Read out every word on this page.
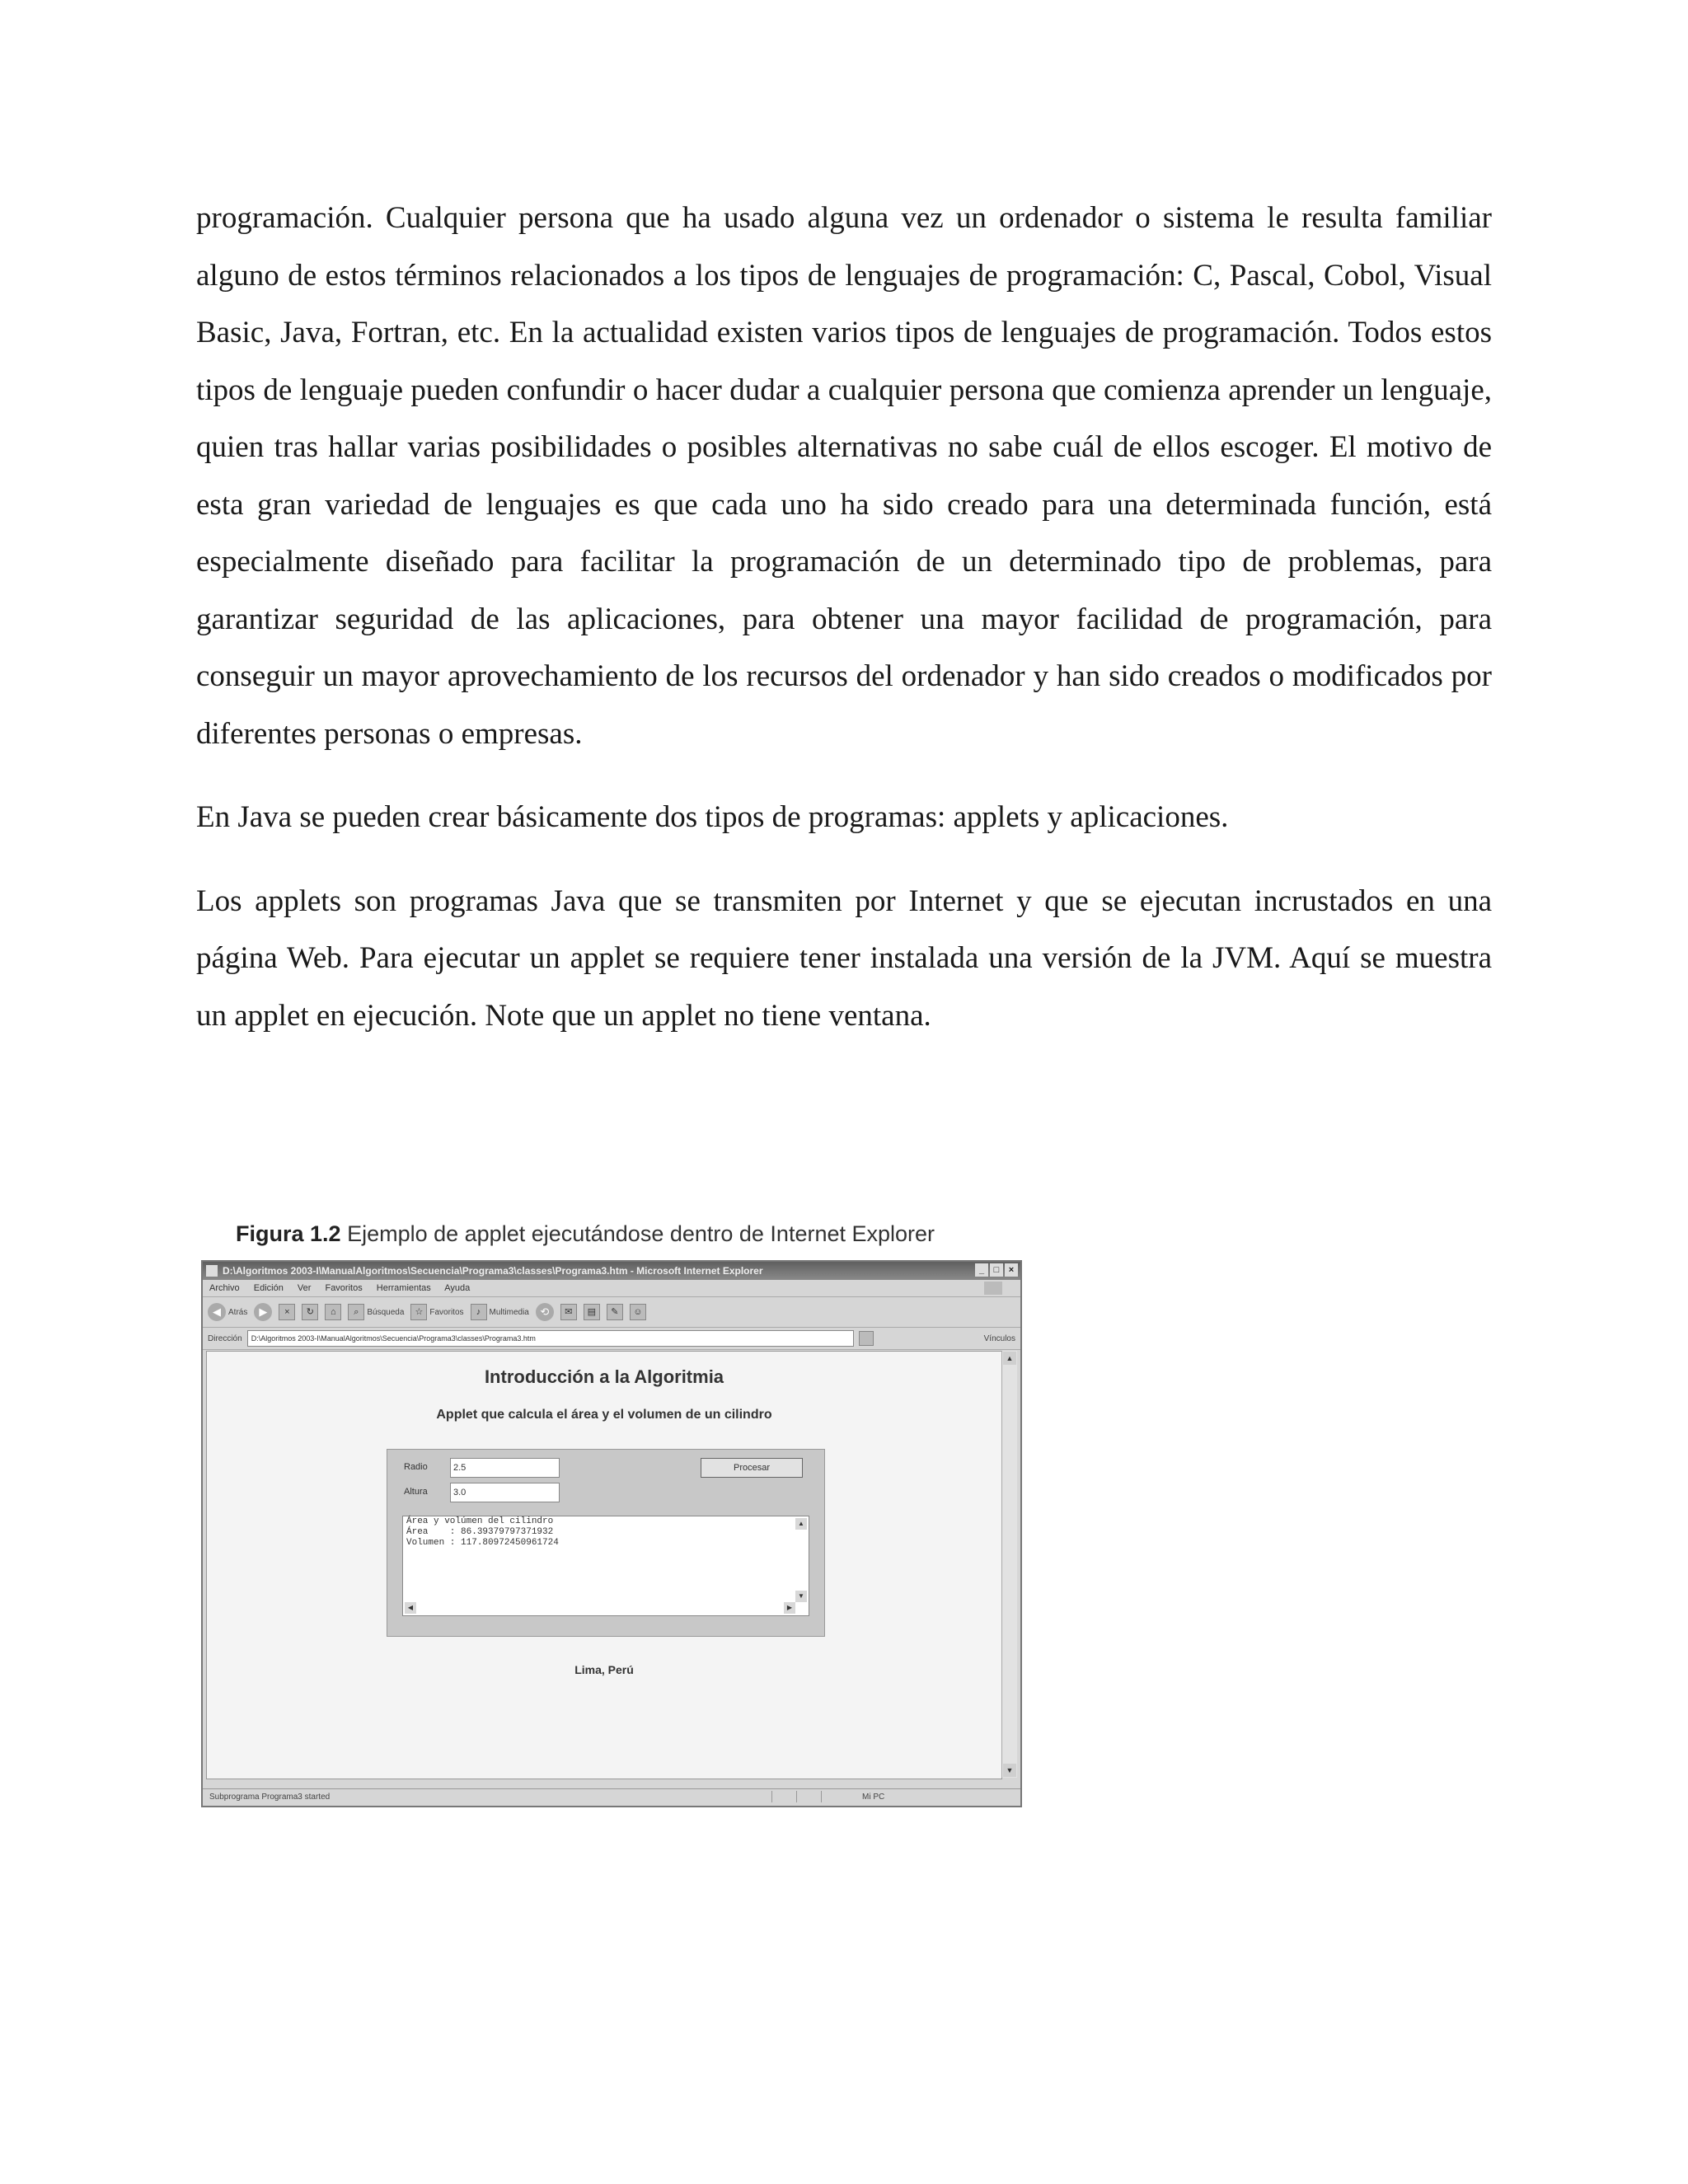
programación. Cualquier persona que ha usado alguna vez un ordenador o sistema le resulta familiar alguno de estos términos relacionados a los tipos de lenguajes de programación: C, Pascal, Cobol, Visual Basic, Java, Fortran, etc. En la actualidad existen varios tipos de lenguajes de programación. Todos estos tipos de lenguaje pueden confundir o hacer dudar a cualquier persona que comienza aprender un lenguaje, quien tras hallar varias posibilidades o posibles alternativas no sabe cuál de ellos escoger. El motivo de esta gran variedad de lenguajes es que cada uno ha sido creado para una determinada función, está especialmente diseñado para facilitar la programación de un determinado tipo de problemas, para garantizar seguridad de las aplicaciones, para obtener una mayor facilidad de programación, para conseguir un mayor aprovechamiento de los recursos del ordenador y han sido creados o modificados por diferentes personas o empresas.

En Java se pueden crear básicamente dos tipos de programas: applets y aplicaciones.

Los applets son programas Java que se transmiten por Internet y que se ejecutan incrustados en una página Web. Para ejecutar un applet se requiere tener instalada una versión de la JVM. Aquí se muestra un applet en ejecución. Note que un applet no tiene ventana.

Figura 1.2 Ejemplo de applet ejecutándose dentro de Internet Explorer
D:\Algoritmos 2003-I\ManualAlgoritmos\Secuencia\Programa3\classes\Programa3.htm - Microsoft Internet Explorer	_	□	×
Archivo Edición Ver Favoritos Herramientas Ayuda
◀ Atrás	▶	×	↻	⌂	⌕ Búsqueda	☆ Favoritos	♪	Multimedia	⟲	✉	▤	✎	☺
Dirección	D:\Algoritmos 2003-I\ManualAlgoritmos\Secuencia\Programa3\classes\Programa3.htm	Vínculos
Introducción a la Algoritmia
Applet que calcula el área y el volumen de un cilindro
Radio	2.5
Altura	3.0
Procesar
Área y volúmen del cilindro
Área    : 86.39379797371932
Volumen : 117.80972450961724
▲
▼
◀	▶
Lima, Perú
▲
▼
Subprograma Programa3 started	Mi PC
